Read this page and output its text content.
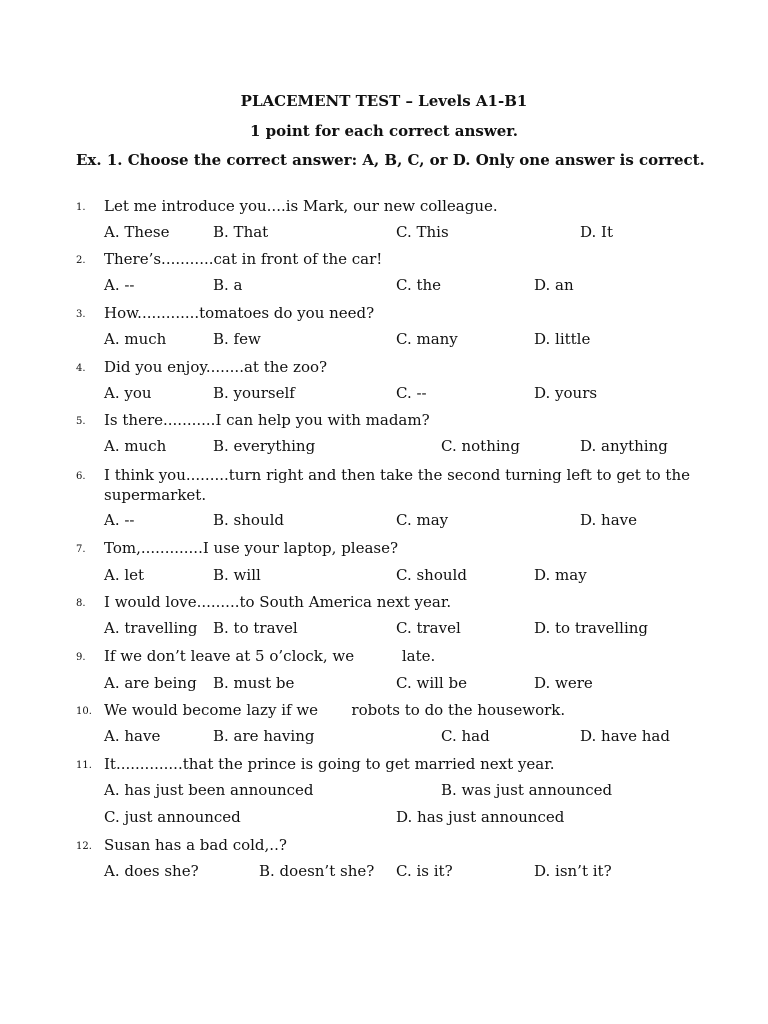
PLACEMENT TEST – Levels A1-B1
1 point for each correct answer.
Ex. 1. Choose the correct answer: A, B, C, or D. Only one answer is correct.
1. Let me introduce you....is Mark, our new colleague.
A. These	B. That	C. This	D. It
2. There’s...........cat in front of the car!
A. --	B. a	C. the	D. an
3. How.............tomatoes do you need?
A. much	B. few	C. many	D. little
4. Did you enjoy........at the zoo?
A. you	B. yourself	C. --	D. yours
5. Is there...........I can help you with madam?
A. much	B. everything	C. nothing	D. anything
6. I think you.........turn right and then take the second turning left to get to the supermarket.
A. --	B. should	C. may	D. have
7. Tom,.............I use your laptop, please?
A. let	B. will	C. should	D. may
8. I would love.........to South America next year.
A. travelling B. to travel	C. travel	D. to travelling
9. If we don’t leave at 5 o’clock, we          late.
A. are being B. must be	C. will be	D. were
10. We would become lazy if we       robots to do the housework.
A. have	B. are having	C. had	D. have had
11. It..............that the prince is going to get married next year.
A. has just been announced	B. was just announced
C. just announced	D. has just announced
12. Susan has a bad cold,..?
A. does she?	B. doesn’t she? C. is it?	D. isn’t it?
